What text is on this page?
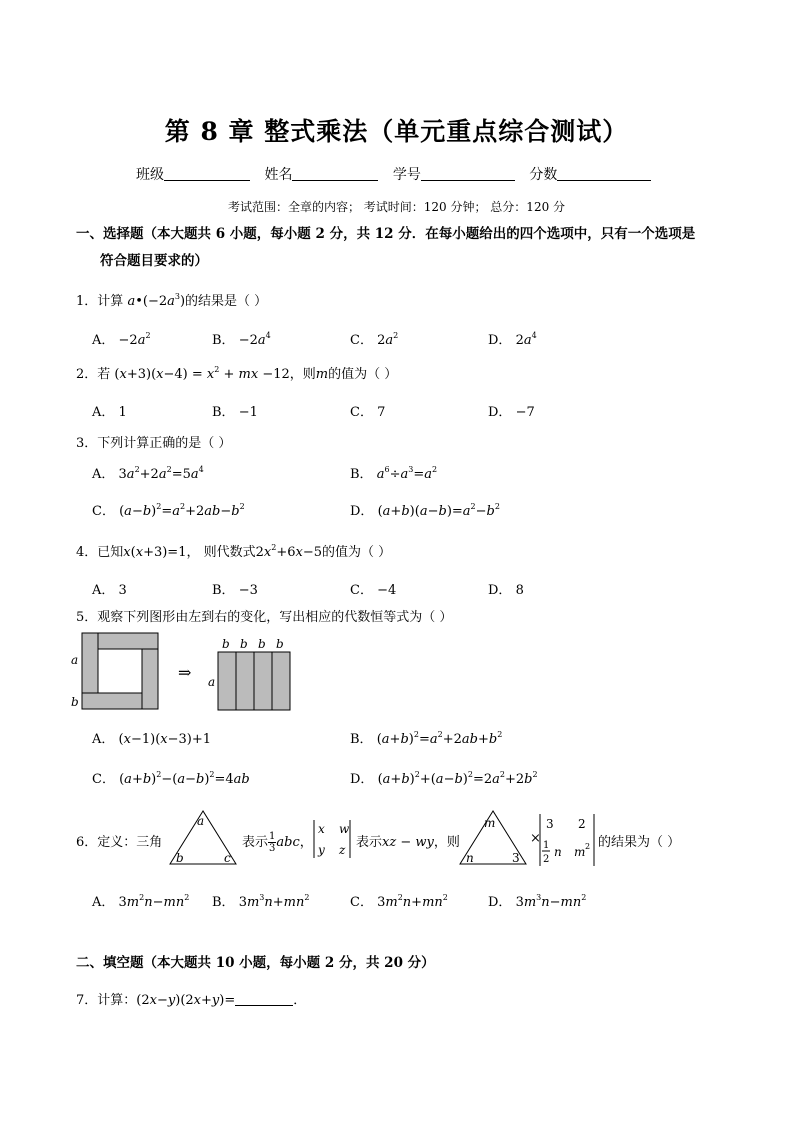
第 8 章 整式乘法（单元重点综合测试）
班级	姓名	学号	分数
考试范围：全章的内容； 考试时间：120 分钟； 总分：120 分
一、选择题（本大题共 6 小题，每小题 2 分，共 12 分．在每小题给出的四个选项中，只有一个选项是
符合题目要求的）
1．计算 $a•(-2a^3)$的结果是（ ）
A． $-2a^2$	B． $-2a^4$	C． $2a^2$	D． $2a^4$
2．若 $(x+3)(x-4) = x^2$ + mx −12，则m的值为（ ）
A． 1	B． −1	C． 7	D． −7
3．下列计算正确的是（ ）
A． $3a^2+2a^2=5a^4$	B． $a^6\div a^3=a^2$
C． $(a-b)^2=a^2+2ab-b^2$	D． $(a+b)(a-b)=a^2-b^2$
4．已知x(x+3)=1， 则代数式$2x^2+6x-5$的值为（ ）
A． 3	B． −3	C． −4	D． 8
5．观察下列图形由左到右的变化，写出相应的代数恒等式为（ ）
a
b
⇒
b b b b
a
A． (x−1)(x−3)+1	B． $(a+b)^2=a^2+2ab+b^2$
C． $(a+b)^2-(a-b)^2=4ab$	D． $(a+b)^2+(a-b)^2=2a^2+2b^2$
6．定义：三角
a
b	c
表示 $\frac{1}{3}$ abc，
x w
y z 表示xz − wy，则
m
n	3
×
3 2
1
2
n m 2 的结果为（ ）
A． $3m^2n-mn^2$ B． $3m^3n+mn^2$	C． $3m^2n+mn^2$	D． $3m^3n-mn^2$
二、填空题（本大题共 10 小题，每小题 2 分，共 20 分）
7．计算：(2x−y)(2x+y)=	．
